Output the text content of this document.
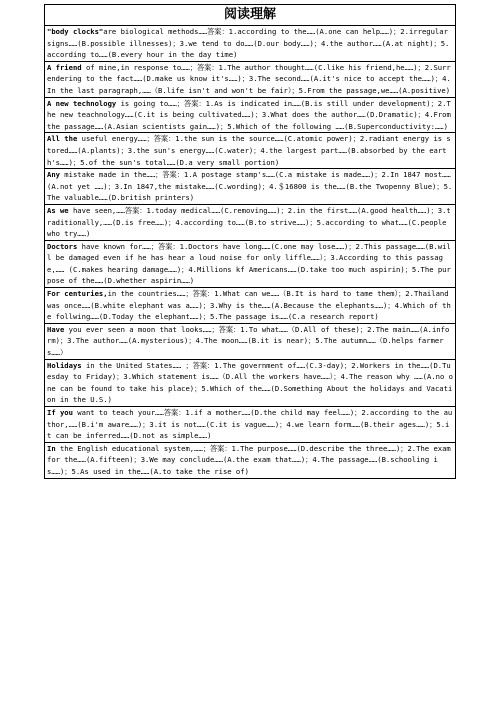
阅读理解
"body clocks"are biological methods……答案：1.according to the……(A.one can help……)；2.irregular signs……(B.possible illnesses)；3.we tend to do……(D.our body……)；4.the author……(A.at night)；5.according to……(B.every hour in the day time)
A friend of mine,in response to……；答案：1.The author thought……(C.like his friend,he……)；2.Surrendering to the fact……(D.make us know it's……)；3.The second……(A.it's nice to accept the……)；4.In the last paragraph,……（B.life isn't and won't be fair）；5.From the passage,we……(A.positive)
A new technology is going to……；答案：1.As is indicated in……(B.is still under development)；2.The new teachnology……(C.it is being cultivated……)；3.What does the author……(D.Dramatic)；4.From the passage……(A.Asian scientists gain……)；5.Which of the following ……(B.Superconductivity:……)
All the useful energy……；答案：1.the sun is the source……(C.atomic power)；2.radiant energy is stored……(A.plants)；3.the sun's energy……(C.water)；4.the largest part……(B.absorbed by the earth's……)；5.of the sun's total……(D.a very small portion)
Any mistake made in the……；答案：1.A postage stamp's……(C.a mistake is made……)；2.In 1847 most……(A.not yet ……)；3.In 1847,the mistake……(C.wording)；4.＄16800 is the……(B.the Twopenny Blue)；5.The valuable……(D.british printers)
As we have seen,……答案：1.today medical……(C.removing……)；2.in the first……(A.good health……)；3.traditionally,……(D.is free……)；4.according to……(B.to strive……)；5.according to what……(C.people who try……)
Doctors have known for……；答案：1.Doctors have long……(C.one may lose……)；2.This passage……(B.will be damaged even if he has hear a loud noise for only liffle……）；3.According to this passage,…… (C.makes hearing damage……)；4.Millions kf Americans……(D.take too much aspirin)；5.The purpose of the……(D.whether aspirin……)
For centuries,in the countries……；答案：1.What can we……（B.It is hard to tame them）；2.Thailand was once……(B.white elephant was a……)；3.Why is the……(A.Because the elephants……)；4.Which of the follwing……(D.Today the elephant……)；5.The passage is……(C.a research report)
Have you ever seen a moon that looks……；答案：1.To what……（D.All of these)；2.The main……(A.inform)；3.The author……(A.mysterious)；4.The moon……(B.it is near)；5.The autumn……（D.helps farmers……）
Holidays in the United States…… ；答案：1.The government of……(C.3-day)；2.Workers in the……(D.Tuesday to Friday)；3.Which statement is……（D.All the workers have……）；4.The reason why ……(A.no one can be found to take his place)；5.Which of the……(D.Something About the holidays and Vacation in the U.S.)
If you want to teach your……答案：1.if a mother……(D.the child may feel……)；2.according to the author,……(B.i'm aware……)；3.it is not……(C.it is vague……)；4.we learn form……(B.their ages……)；5.it can be inferred……(D.not as simple……)
In the English educational system,……；答案：1.The purpose……(D.describe the three……)；2.The exam for the……(A.fifteen)；3.We may conclude……(A.the exam that……)；4.The passage……(B.schooling is……)；5.As used in the……(A.to take the rise of)
